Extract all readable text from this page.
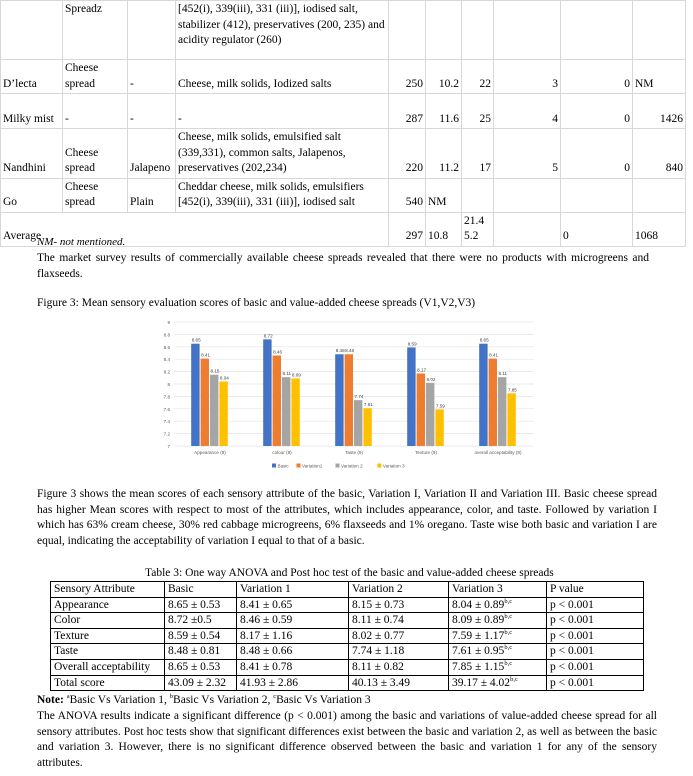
	Spreadz		[452(i), 339(iii), 331 (iii)], iodised salt, stabilizer (412), preservatives (200, 235) and acidity regulator (260)						
D’lecta	Cheese spread	-	Cheese, milk solids, Iodized salts	250	10.2	22	3	0	NM
Milky mist	-	-	-	287	11.6	25	4	0	1426
Nandhini	Cheese spread	Jalapeno	Cheese, milk solids, emulsified salt (339,331), common salts, Jalapenos, preservatives (202,234)	220	11.2	17	5	0	840
Go	Cheese spread	Plain	Cheddar cheese, milk solids, emulsifiers [452(i), 339(iii), 331 (iii)], iodised salt	540	NM				
Average				297	10.8	21.4 5.2		0	1068
NM- not mentioned.

The market survey results of commercially available cheese spreads revealed that there were no products with microgreens and flaxseeds.

Figure 3: Mean sensory evaluation scores of basic and value-added cheese spreads (V1,V2,V3)
7
7.2
7.4
7.6
7.8
8
8.2
8.4
8.6
8.8
9
8.65
8.41
8.15
8.04
Appearance (9)
8.72
8.46
8.11 8.09
colour (9)
8.48 8.48
7.74
7.61
Taste (9)
8.59
8.17
8.02
7.59
Texture (9)
8.65
8.41
8.11
7.85
overall acceptability (9)
Basic	Variation1	Variation 2	Variation 3

Figure 3 shows the mean scores of each sensory attribute of the basic, Variation I, Variation II and Variation III. Basic cheese spread has higher Mean scores with respect to most of the attributes, which includes appearance, color, and taste. Followed by variation I which has 63% cream cheese, 30% red cabbage microgreens, 6% flaxseeds and 1% oregano. Taste wise both basic and variation I are equal, indicating the acceptability of variation I equal to that of a basic.

Table 3: One way ANOVA and Post hoc test of the basic and value-added cheese spreads
Sensory Attribute	Basic	Variation 1	Variation 2	Variation 3	P value
Appearance	8.65 ± 0.53	8.41 ± 0.65	8.15 ± 0.73	$8.04 \pm 0.89^{b,c}$	p < 0.001
Color	8.72 ±0.5	8.46 ± 0.59	8.11 ± 0.74	$8.09 \pm 0.89^{b,c}$	p < 0.001
Texture	8.59 ± 0.54	8.17 ± 1.16	8.02 ± 0.77	$7.59 \pm 1.17^{b,c}$	p < 0.001
Taste	8.48 ± 0.81	8.48 ± 0.66	7.74 ± 1.18	$7.61 \pm 0.95^{b,c}$	p < 0.001
Overall acceptability	8.65 ± 0.53	8.41 ± 0.78	8.11 ± 0.82	$7.85 \pm 1.15^{b,c}$	p < 0.001
Total score	43.09 ± 2.32	41.93 ± 2.86	40.13 ± 3.49	$39.17 \pm 4.02^{b,c}$	p < 0.001
Note: $^a$Basic Vs Variation 1, $^b$Basic Vs Variation 2, $^c$Basic Vs Variation 3

The ANOVA results indicate a significant difference (p < 0.001) among the basic and variations of value-added cheese spread for all sensory attributes. Post hoc tests show that significant differences exist between the basic and variation 2, as well as between the basic and variation 3. However, there is no significant difference observed between the basic and variation 1 for any of the sensory attributes.
